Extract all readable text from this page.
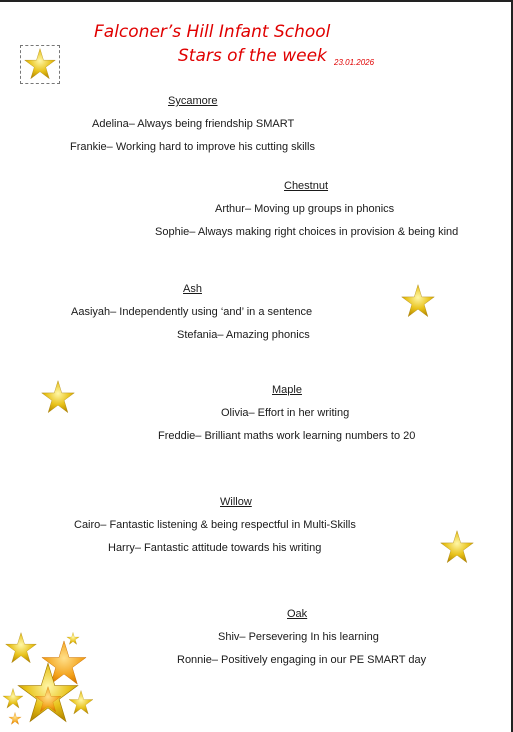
Falconer’s Hill Infant School
Stars of the week 23.01.2026
Sycamore
Adelina– Always being friendship SMART
Frankie– Working hard to improve his cutting skills
Chestnut
Arthur– Moving up groups in phonics
Sophie– Always making right choices in provision & being kind
Ash
Aasiyah– Independently using ‘and’ in a sentence
Stefania– Amazing phonics
Maple
Olivia– Effort in her writing
Freddie– Brilliant maths work learning numbers to 20
Willow
Cairo– Fantastic listening & being respectful in Multi-Skills
Harry– Fantastic attitude towards his writing
Oak
Shiv– Persevering In his learning
Ronnie– Positively engaging in our PE SMART day
